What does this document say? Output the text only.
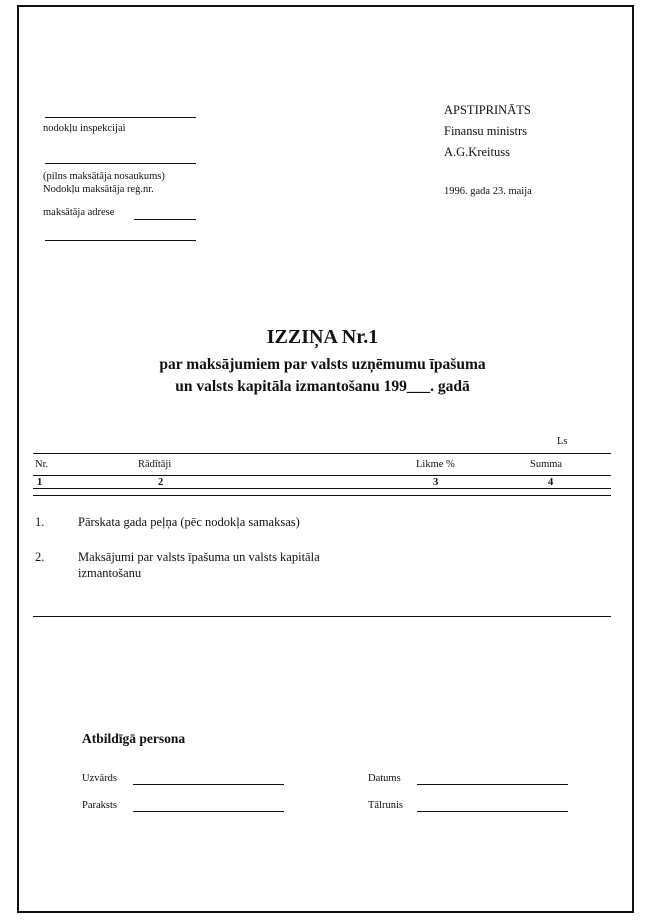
nodokļu inspekcijai
(pilns maksātāja nosaukums)
Nodokļu maksātāja reģ.nr.
maksātāja adrese
APSTIPRINĀTS
Finansu ministrs
A.G.Kreituss
1996. gada 23. maija
IZZIŅA Nr.1
par maksājumiem par valsts uzņēmumu īpašuma
un valsts kapitāla izmantošanu 199___. gadā
Ls
Nr.	Rādītāji	Likme %	Summa
1	2	3	4
1.	Pārskata gada peļņa (pēc nodokļa samaksas)
2.	Maksājumi par valsts īpašuma un valsts kapitāla
izmantošanu
Atbildīgā persona
Uzvārds
Paraksts
Datums
Tālrunis
